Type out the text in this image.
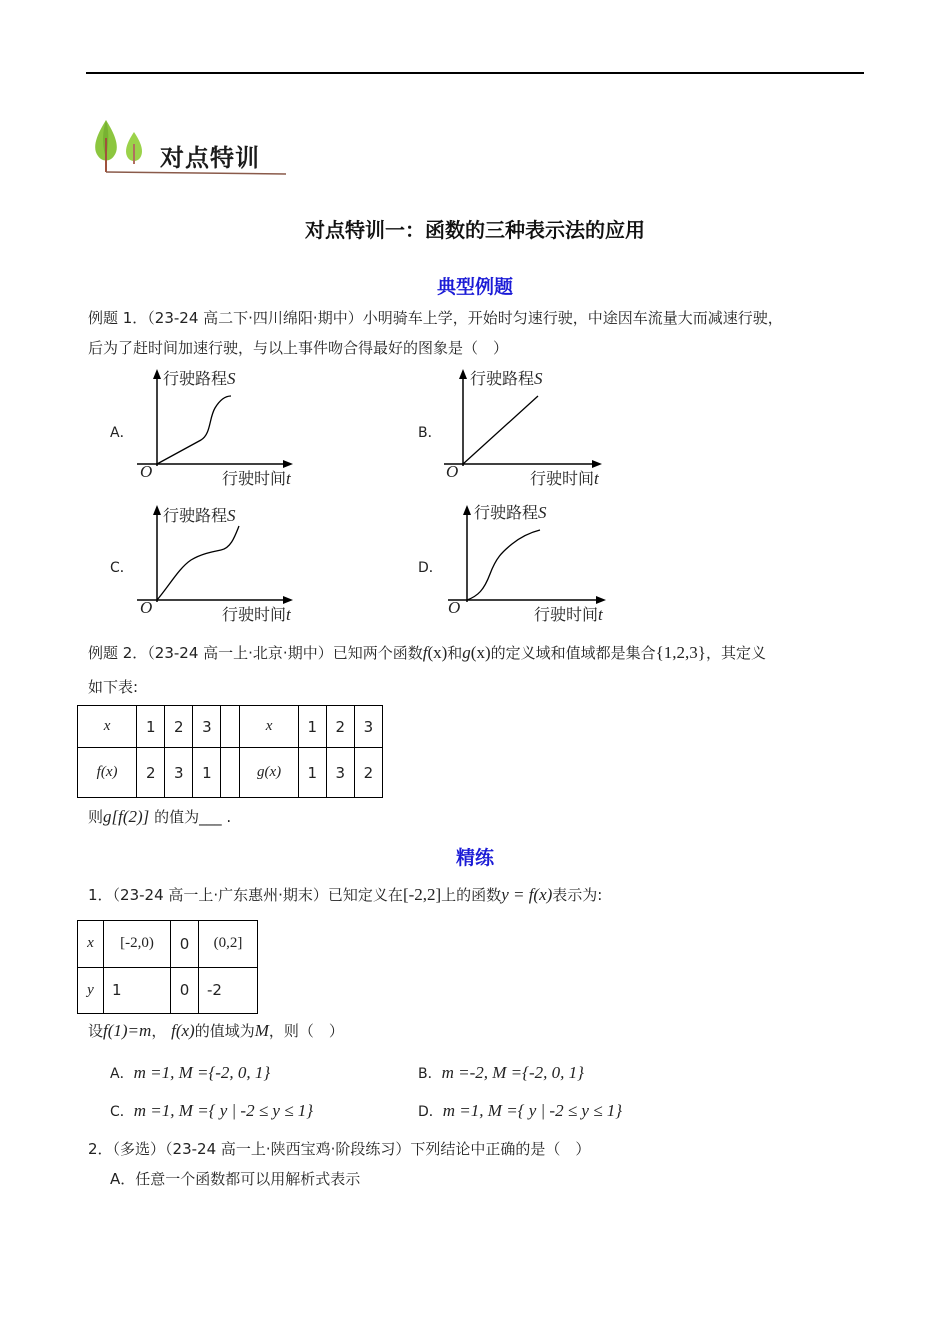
对点特训
对点特训一：函数的三种表示法的应用
典型例题
例题 1．（23-24 高二下·四川绵阳·期中）小明骑车上学，开始时匀速行驶，中途因车流量大而减速行驶，
后为了赶时间加速行驶，与以上事件吻合得最好的图象是（　）
A．
行驶路程S
O	行驶时间t
B．
行驶路程S
O	行驶时间t
C．
行驶路程S
O	行驶时间t
D．
行驶路程S
O	行驶时间t
例题 2．（23-24 高一上·北京·期中）已知两个函数f(x)和g(x)的定义域和值域都是集合{1,2,3}，其定义
如下表:
x	1	2	3		x	1	2	3
f(x)	2	3	1		g(x)	1	3	2
则g[f(2)] 的值为___ .
精练
1．（23-24 高一上·广东惠州·期末）已知定义在[-2,2]上的函数y = f(x)表示为:
x	[-2,0)	0	(0,2]
y	1	0	-2
设f(1)=m， f(x)的值域为M，则（　）
A．m =1, M ={-2, 0, 1}	B．m =-2, M ={-2, 0, 1}
C．m =1, M ={ y | -2 ≤ y ≤ 1}	D．m =1, M ={ y | -2 ≤ y ≤ 1}
2．（多选）（23-24 高一上·陕西宝鸡·阶段练习）下列结论中正确的是（　）
A．任意一个函数都可以用解析式表示
